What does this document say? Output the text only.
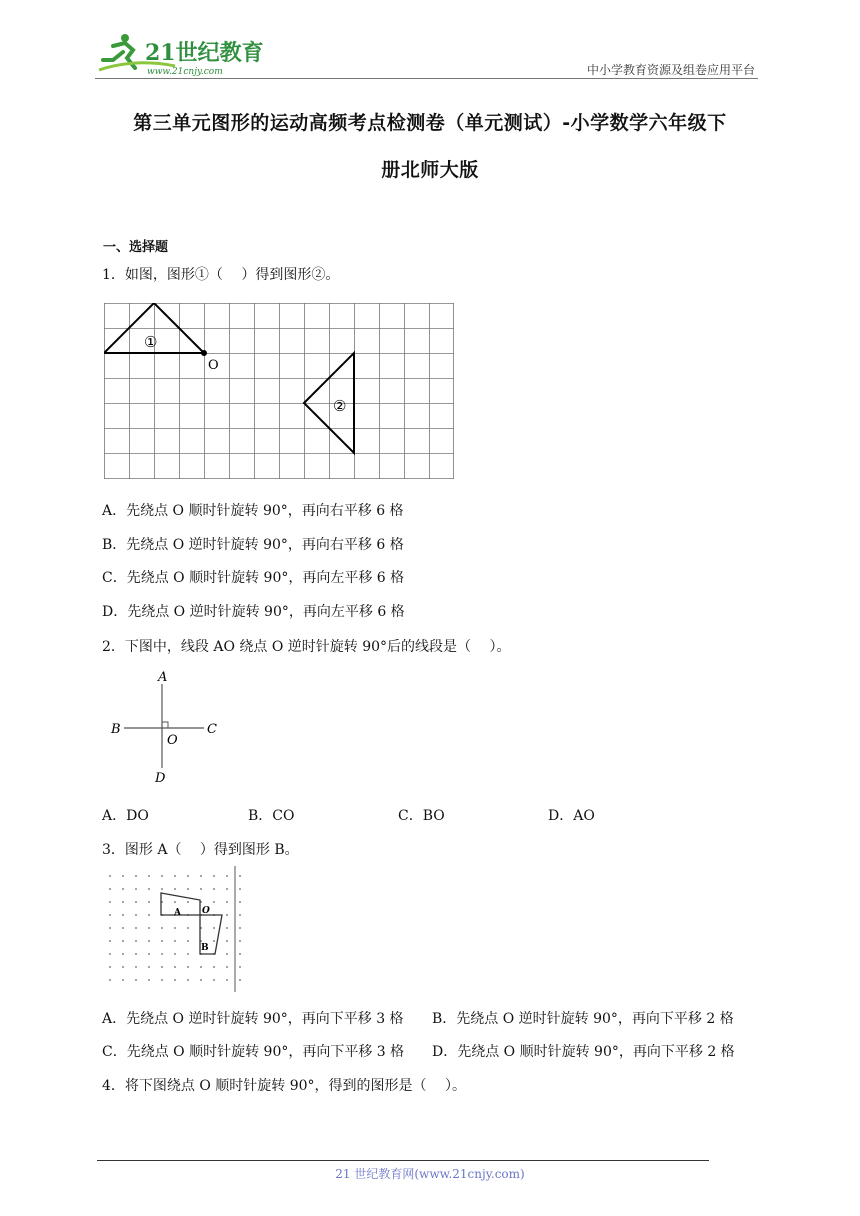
21世纪教育
www.21cnjy.com	中小学教育资源及组卷应用平台
第三单元图形的运动高频考点检测卷（单元测试）-小学数学六年级下
册北师大版
一、选择题
1．如图，图形①（　 ）得到图形②。
①
②
O
A．先绕点 O 顺时针旋转 90°，再向右平移 6 格
B．先绕点 O 逆时针旋转 90°，再向右平移 6 格
C．先绕点 O 顺时针旋转 90°，再向左平移 6 格
D．先绕点 O 逆时针旋转 90°，再向左平移 6 格
2．下图中，线段 AO 绕点 O 逆时针旋转 90°后的线段是（　 ）。
A
B	C
D
O
A．DO	B．CO	C．BO	D．AO
3．图形 A（　 ）得到图形 B。
A
B
O
A．先绕点 O 逆时针旋转 90°，再向下平移 3 格 B．先绕点 O 逆时针旋转 90°，再向下平移 2 格
C．先绕点 O 顺时针旋转 90°，再向下平移 3 格 D．先绕点 O 顺时针旋转 90°，再向下平移 2 格
4．将下图绕点 O 顺时针旋转 90°，得到的图形是（　 ）。
21 世纪教育网(www.21cnjy.com)
